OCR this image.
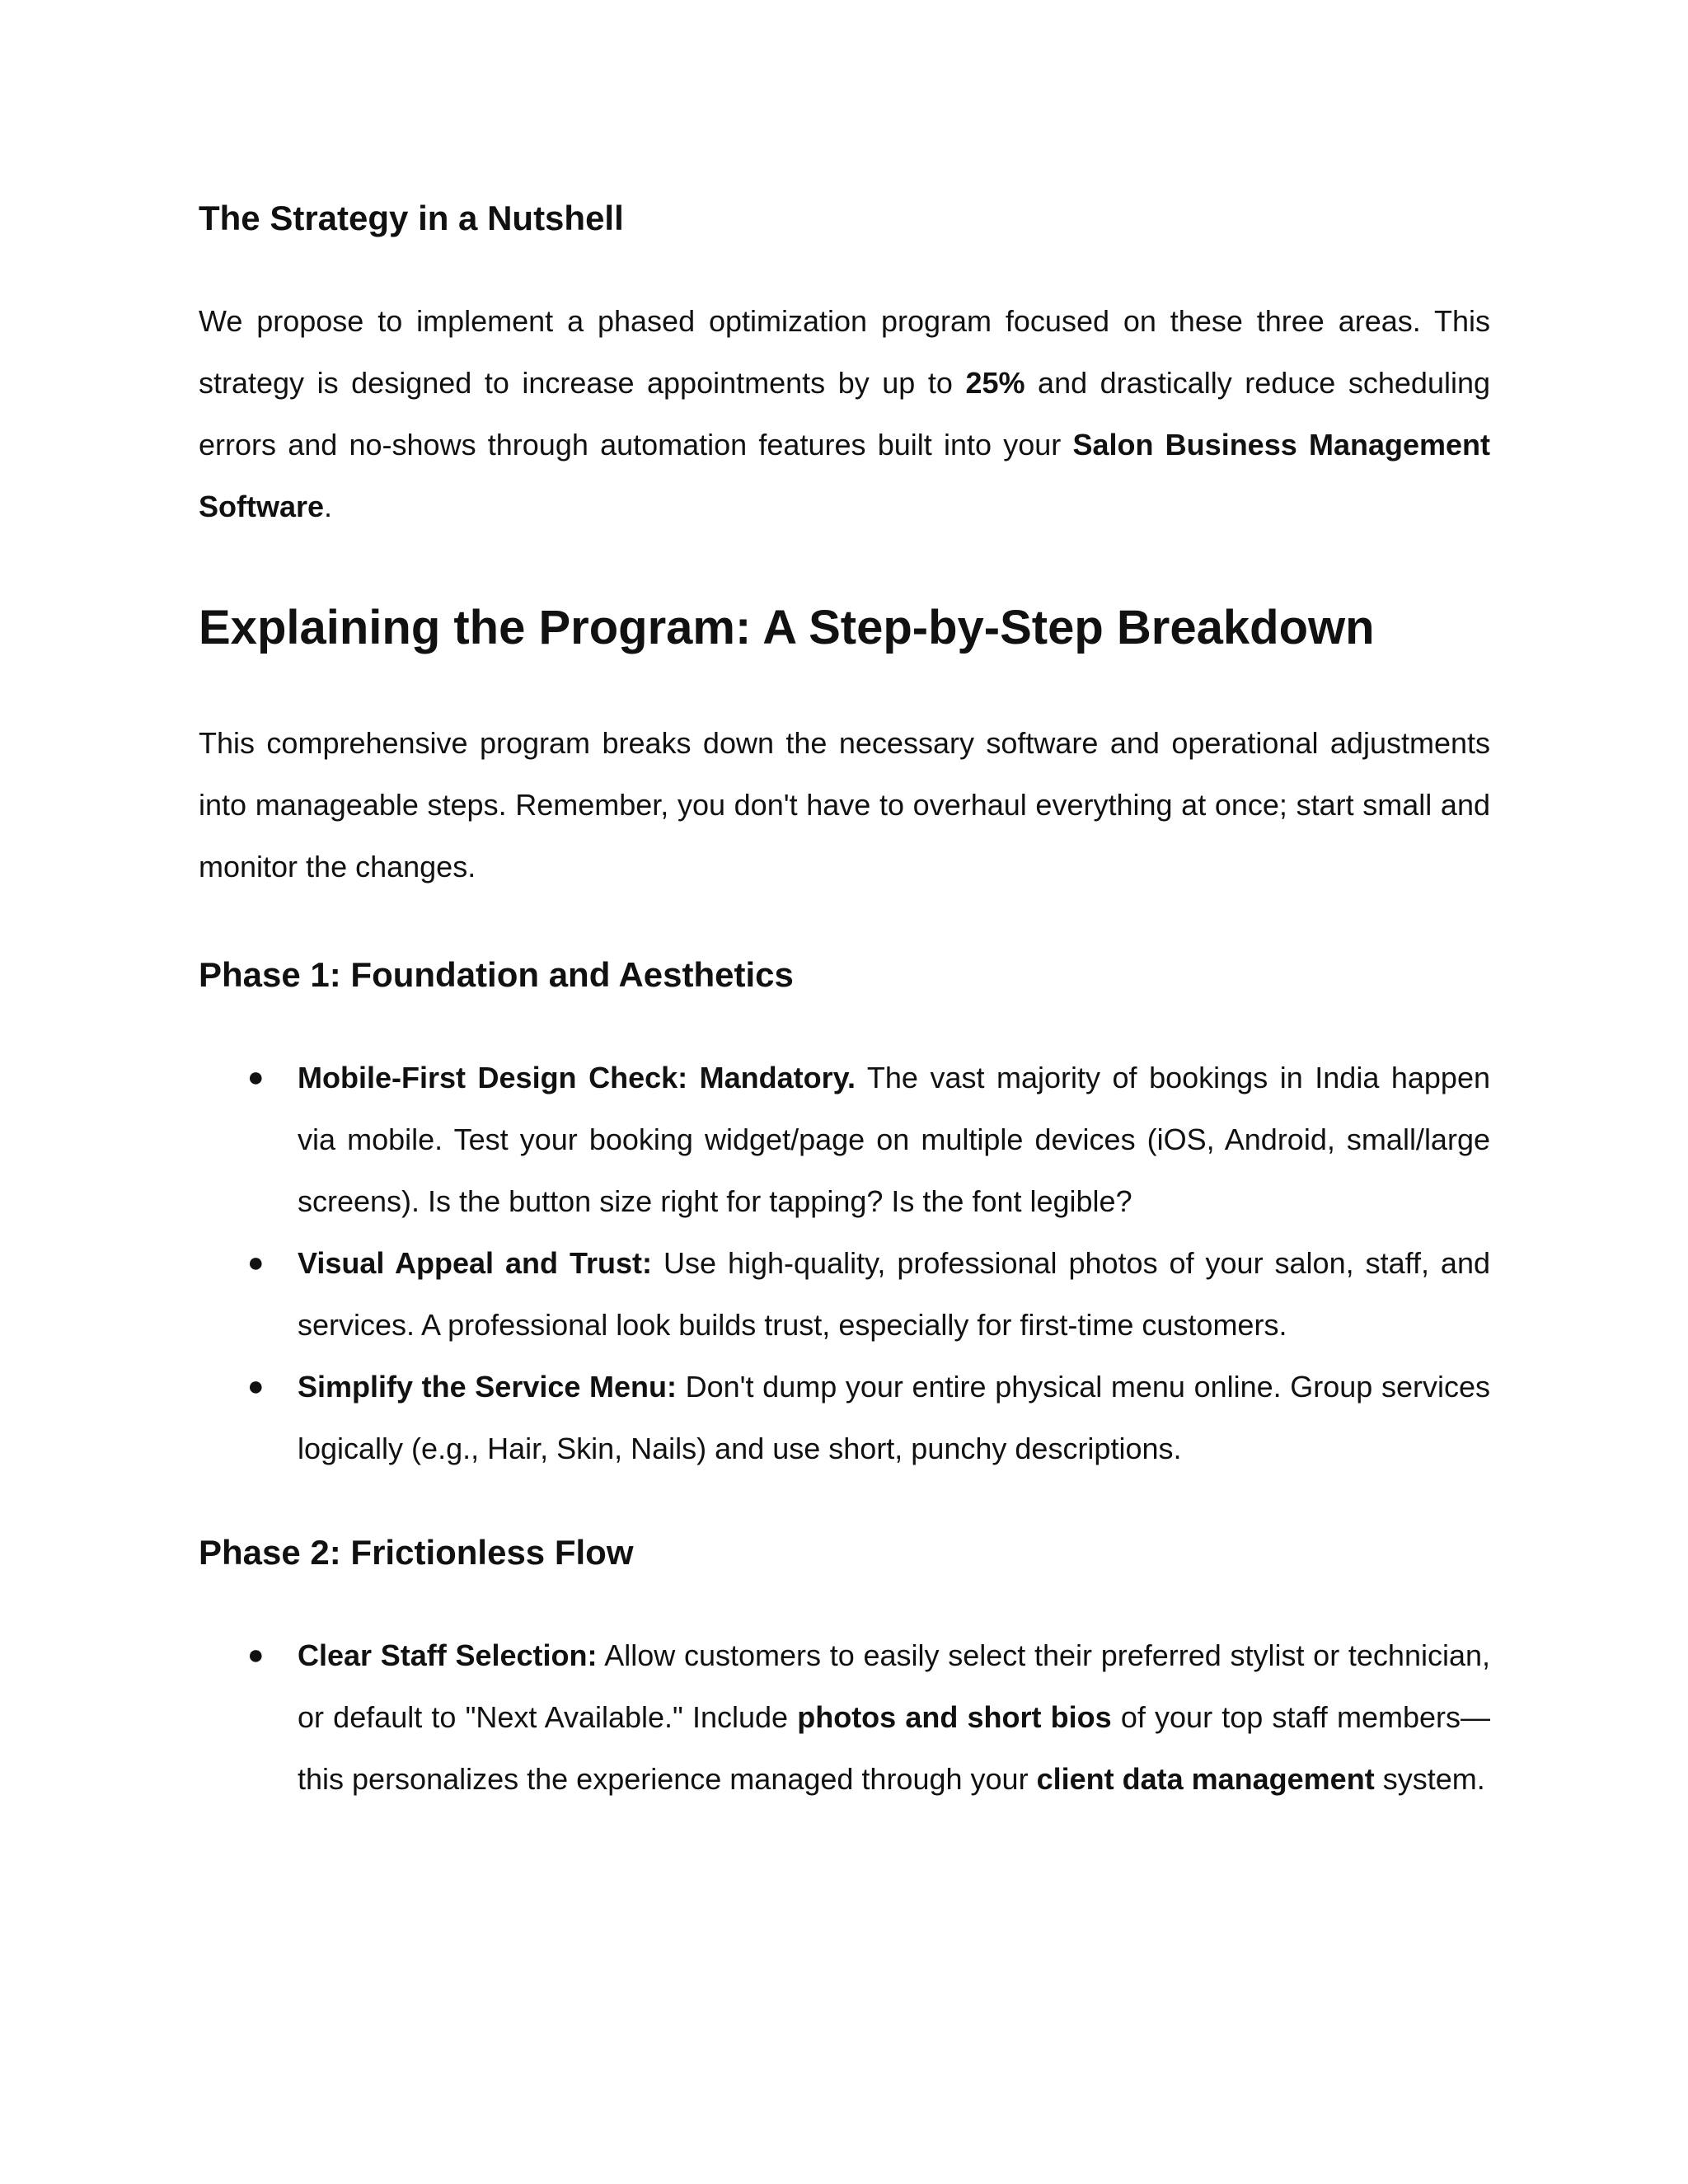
The Strategy in a Nutshell

We propose to implement a phased optimization program focused on these three areas. This strategy is designed to increase appointments by up to 25% and drastically reduce scheduling errors and no-shows through automation features built into your Salon Business Management Software.

Explaining the Program: A Step-by-Step Breakdown

This comprehensive program breaks down the necessary software and operational adjustments into manageable steps. Remember, you don't have to overhaul everything at once; start small and monitor the changes.

Phase 1: Foundation and Aesthetics
● Mobile-First Design Check: Mandatory. The vast majority of bookings in India happen via mobile. Test your booking widget/page on multiple devices (iOS, Android, small/large screens). Is the button size right for tapping? Is the font legible?
● Visual Appeal and Trust: Use high-quality, professional photos of your salon, staff, and services. A professional look builds trust, especially for first-time customers.
● Simplify the Service Menu: Don't dump your entire physical menu online. Group services logically (e.g., Hair, Skin, Nails) and use short, punchy descriptions.
Phase 2: Frictionless Flow
● Clear Staff Selection: Allow customers to easily select their preferred stylist or technician, or default to "Next Available." Include photos and short bios of your top staff members—this personalizes the experience managed through your client data management system.
